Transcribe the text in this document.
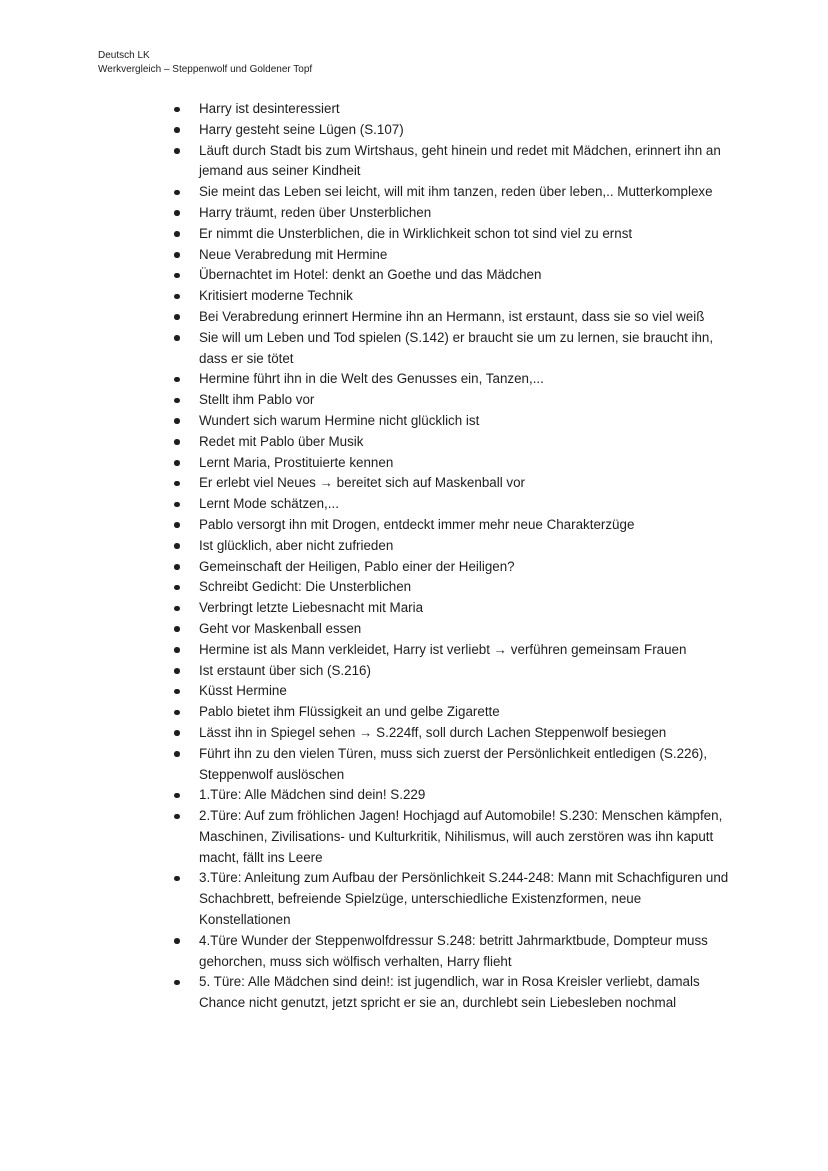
Deutsch LK
Werkvergleich – Steppenwolf und Goldener Topf
Harry ist desinteressiert
Harry gesteht seine Lügen (S.107)
Läuft durch Stadt bis zum Wirtshaus, geht hinein und redet mit Mädchen, erinnert ihn an jemand aus seiner Kindheit
Sie meint das Leben sei leicht, will mit ihm tanzen, reden über leben,.. Mutterkomplexe
Harry träumt, reden über Unsterblichen
Er nimmt die Unsterblichen, die in Wirklichkeit schon tot sind viel zu ernst
Neue Verabredung mit Hermine
Übernachtet im Hotel: denkt an Goethe und das Mädchen
Kritisiert moderne Technik
Bei Verabredung erinnert Hermine ihn an Hermann, ist erstaunt, dass sie so viel weiß
Sie will um Leben und Tod spielen (S.142) er braucht sie um zu lernen, sie braucht ihn, dass er sie tötet
Hermine führt ihn in die Welt des Genusses ein, Tanzen,...
Stellt ihm Pablo vor
Wundert sich warum Hermine nicht glücklich ist
Redet mit Pablo über Musik
Lernt Maria, Prostituierte kennen
Er erlebt viel Neues → bereitet sich auf Maskenball vor
Lernt Mode schätzen,...
Pablo versorgt ihn mit Drogen, entdeckt immer mehr neue Charakterzüge
Ist glücklich, aber nicht zufrieden
Gemeinschaft der Heiligen, Pablo einer der Heiligen?
Schreibt Gedicht: Die Unsterblichen
Verbringt letzte Liebesnacht mit Maria
Geht vor Maskenball essen
Hermine ist als Mann verkleidet, Harry ist verliebt → verführen gemeinsam Frauen
Ist erstaunt über sich (S.216)
Küsst Hermine
Pablo bietet ihm Flüssigkeit an und gelbe Zigarette
Lässt ihn in Spiegel sehen → S.224ff, soll durch Lachen Steppenwolf besiegen
Führt ihn zu den vielen Türen, muss sich zuerst der Persönlichkeit entledigen (S.226), Steppenwolf auslöschen
1.Türe: Alle Mädchen sind dein! S.229
2.Türe: Auf zum fröhlichen Jagen! Hochjagd auf Automobile! S.230: Menschen kämpfen, Maschinen, Zivilisations- und Kulturkritik, Nihilismus, will auch zerstören was ihn kaputt macht, fällt ins Leere
3.Türe: Anleitung zum Aufbau der Persönlichkeit S.244-248: Mann mit Schachfiguren und Schachbrett, befreiende Spielzüge, unterschiedliche Existenzformen, neue Konstellationen
4.Türe Wunder der Steppenwolfdressur S.248: betritt Jahrmarktbude, Dompteur muss gehorchen, muss sich wölfisch verhalten, Harry flieht
5. Türe: Alle Mädchen sind dein!: ist jugendlich, war in Rosa Kreisler verliebt, damals Chance nicht genutzt, jetzt spricht er sie an, durchlebt sein Liebesleben nochmal
